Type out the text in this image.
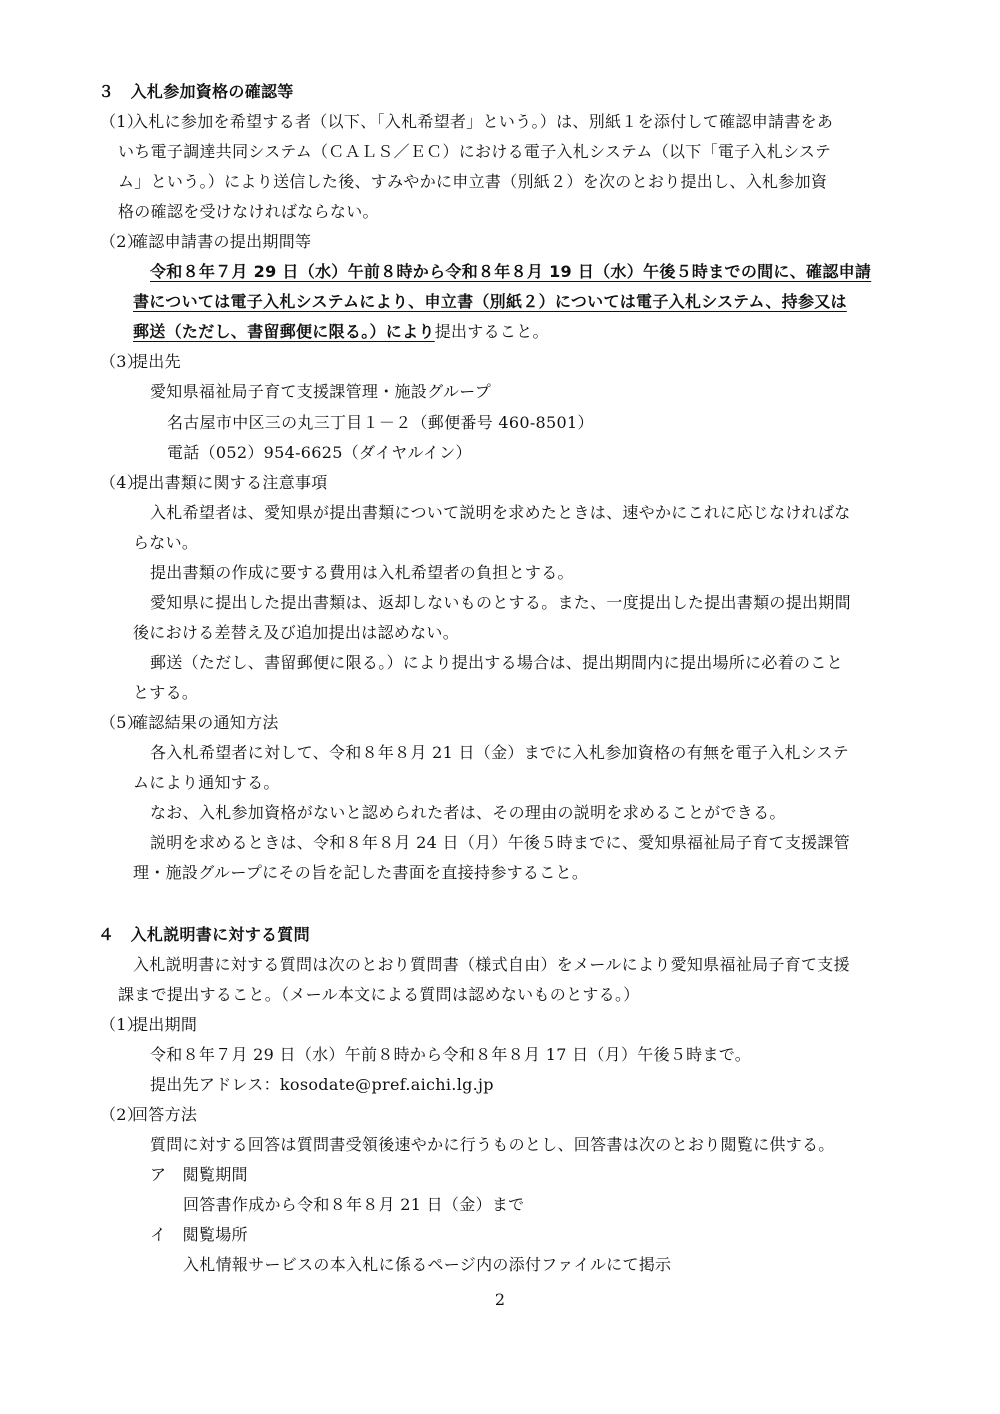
３　入札参加資格の確認等
（1）入札に参加を希望する者（以下、「入札希望者」という。）は、別紙１を添付して確認申請書をあ
いち電子調達共同システム（ＣＡＬＳ／ＥＣ）における電子入札システム（以下「電子入札システ
ム」という。）により送信した後、すみやかに申立書（別紙２）を次のとおり提出し、入札参加資
格の確認を受けなければならない。
（2）確認申請書の提出期間等
令和８年７月 29 日（水）午前８時から令和８年８月 19 日（水）午後５時までの間に、確認申請
書については電子入札システムにより、申立書（別紙２）については電子入札システム、持参又は
郵送（ただし、書留郵便に限る。）により提出すること。
（3）提出先
愛知県福祉局子育て支援課管理・施設グループ
名古屋市中区三の丸三丁目１－２（郵便番号 460-8501）
電話（052）954-6625（ダイヤルイン）
（4）提出書類に関する注意事項
入札希望者は、愛知県が提出書類について説明を求めたときは、速やかにこれに応じなければな
らない。
提出書類の作成に要する費用は入札希望者の負担とする。
愛知県に提出した提出書類は、返却しないものとする。また、一度提出した提出書類の提出期間
後における差替え及び追加提出は認めない。
郵送（ただし、書留郵便に限る。）により提出する場合は、提出期間内に提出場所に必着のこと
とする。
（5）確認結果の通知方法
各入札希望者に対して、令和８年８月 21 日（金）までに入札参加資格の有無を電子入札システ
ムにより通知する。
なお、入札参加資格がないと認められた者は、その理由の説明を求めることができる。
説明を求めるときは、令和８年８月 24 日（月）午後５時までに、愛知県福祉局子育て支援課管
理・施設グループにその旨を記した書面を直接持参すること。
４　入札説明書に対する質問
入札説明書に対する質問は次のとおり質問書（様式自由）をメールにより愛知県福祉局子育て支援
課まで提出すること。（メール本文による質問は認めないものとする。）
（1）提出期間
令和８年７月 29 日（水）午前８時から令和８年８月 17 日（月）午後５時まで。
提出先アドレス：kosodate@pref.aichi.lg.jp
（2）回答方法
質問に対する回答は質問書受領後速やかに行うものとし、回答書は次のとおり閲覧に供する。
ア　閲覧期間
回答書作成から令和８年８月 21 日（金）まで
イ　閲覧場所
入札情報サービスの本入札に係るページ内の添付ファイルにて掲示
2
